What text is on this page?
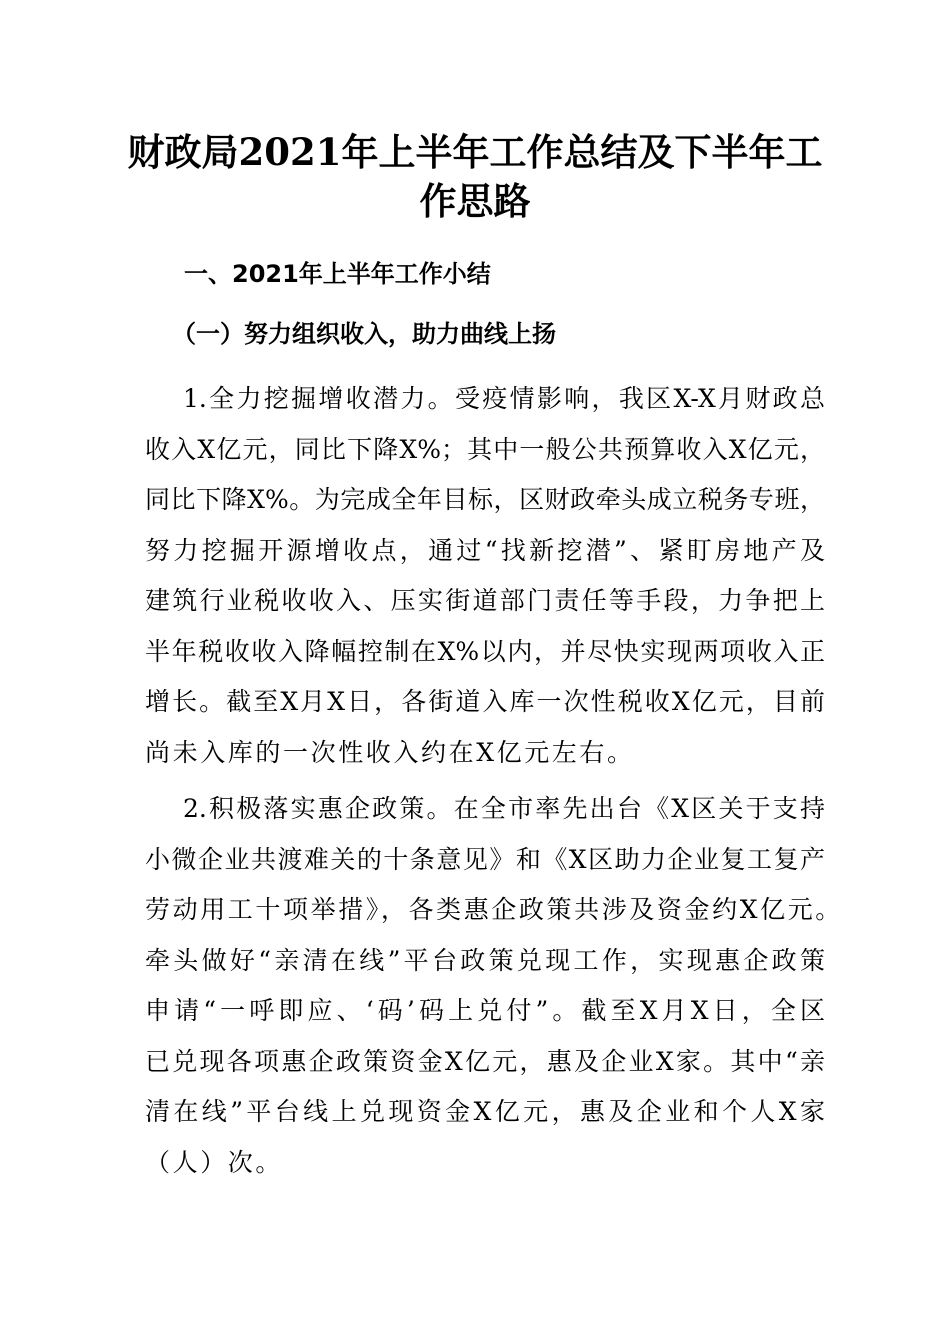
财政局2021年上半年工作总结及下半年工
作思路
一、2021年上半年工作小结
（一）努力组织收入，助力曲线上扬
1.全力挖掘增收潜力。受疫情影响，我区X-X月财政总
收入X亿元，同比下降X%；其中一般公共预算收入X亿元，
同比下降X%。为完成全年目标，区财政牵头成立税务专班，
努力挖掘开源增收点，通过“找新挖潜”、紧盯房地产及
建筑行业税收收入、压实街道部门责任等手段，力争把上
半年税收收入降幅控制在X%以内，并尽快实现两项收入正
增长。截至X月X日，各街道入库一次性税收X亿元，目前
尚未入库的一次性收入约在X亿元左右。
2.积极落实惠企政策。在全市率先出台《X区关于支持
小微企业共渡难关的十条意见》和《X区助力企业复工复产
劳动用工十项举措》，各类惠企政策共涉及资金约X亿元。
牵头做好“亲清在线”平台政策兑现工作，实现惠企政策
申请“一呼即应、‘码’码上兑付”。截至X月X日，全区
已兑现各项惠企政策资金X亿元，惠及企业X家。其中“亲
清在线”平台线上兑现资金X亿元，惠及企业和个人X家
（人）次。
